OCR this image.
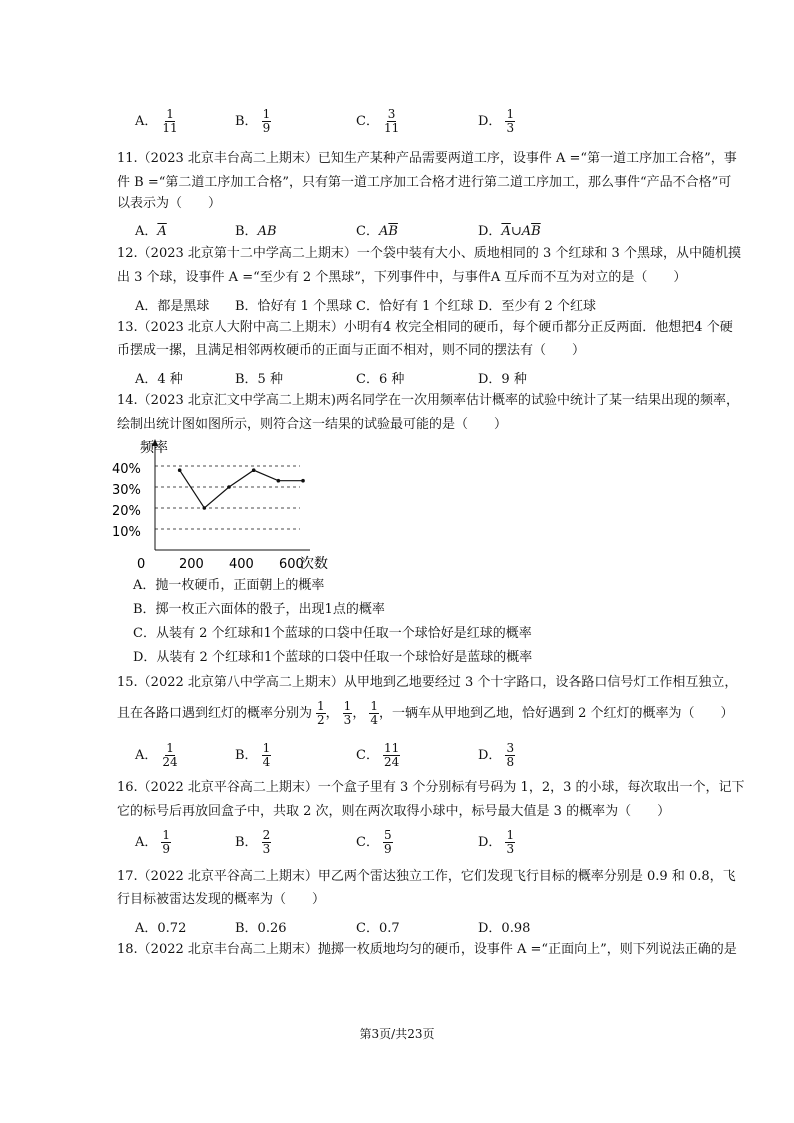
A． $\frac{1}{11}$	B． $\frac{1}{9}$	C． $\frac{3}{11}$	D． $\frac{1}{3}$
11.（2023 北京丰台高二上期末）已知生产某种产品需要两道工序，设事件 A =“第一道工序加工合格”，事
件 B =“第二道工序加工合格”，只有第一道工序加工合格才进行第二道工序加工，那么事件“产品不合格”可
以表示为（　　）
A．$\overline{A}$	B．AB	C．$A\overline{B}$	D．$\overline{A}\cup A\overline{B}$
12.（2023 北京第十二中学高二上期末）一个袋中装有大小、质地相同的 3 个红球和 3 个黑球，从中随机摸
出 3 个球，设事件 A =“至少有 2 个黑球”，下列事件中，与事件A 互斥而不互为对立的是（　　）
A．都是黑球 B．恰好有 1 个黑球 C．恰好有 1 个红球 D．至少有 2 个红球
13.（2023 北京人大附中高二上期末）小明有4 枚完全相同的硬币，每个硬币都分正反两面．他想把4 个硬
币摆成一摞，且满足相邻两枚硬币的正面与正面不相对，则不同的摆法有（　　）
A．4 种	B．5 种	C．6 种	D．9 种
14.（2023 北京汇文中学高二上期末)两名同学在一次用频率估计概率的试验中统计了某一结果出现的频率，
绘制出统计图如图所示，则符合这一结果的试验最可能的是（　　）
频率
次数
40%
30%
20%
10%
0	200 400 600
A．抛一枚硬币，正面朝上的概率
B．掷一枚正六面体的骰子，出现1点的概率
C．从装有 2 个红球和1个蓝球的口袋中任取一个球恰好是红球的概率
D．从装有 2 个红球和1个蓝球的口袋中任取一个球恰好是蓝球的概率
15.（2022 北京第八中学高二上期末）从甲地到乙地要经过 3 个十字路口，设各路口信号灯工作相互独立，
且在各路口遇到红灯的概率分别为 $\frac{1}{2}$ ， $\frac{1}{3}$ ， $\frac{1}{4}$ ，一辆车从甲地到乙地，恰好遇到 2 个红灯的概率为（　　）
A． $\frac{1}{24}$	B． $\frac{1}{4}$	C． $\frac{11}{24}$	D． $\frac{3}{8}$
16.（2022 北京平谷高二上期末）一个盒子里有 3 个分别标有号码为 1，2，3 的小球，每次取出一个，记下
它的标号后再放回盒子中，共取 2 次，则在两次取得小球中，标号最大值是 3 的概率为（　　）
A． $\frac{1}{9}$	B． $\frac{2}{3}$	C． $\frac{5}{9}$	D． $\frac{1}{3}$
17.（2022 北京平谷高二上期末）甲乙两个雷达独立工作，它们发现飞行目标的概率分别是 0.9 和 0.8，飞
行目标被雷达发现的概率为（　　）
A．0.72	B．0.26	C．0.7	D．0.98
18.（2022 北京丰台高二上期末）抛掷一枚质地均匀的硬币，设事件 A =“正面向上”，则下列说法正确的是
第3页/共23页
